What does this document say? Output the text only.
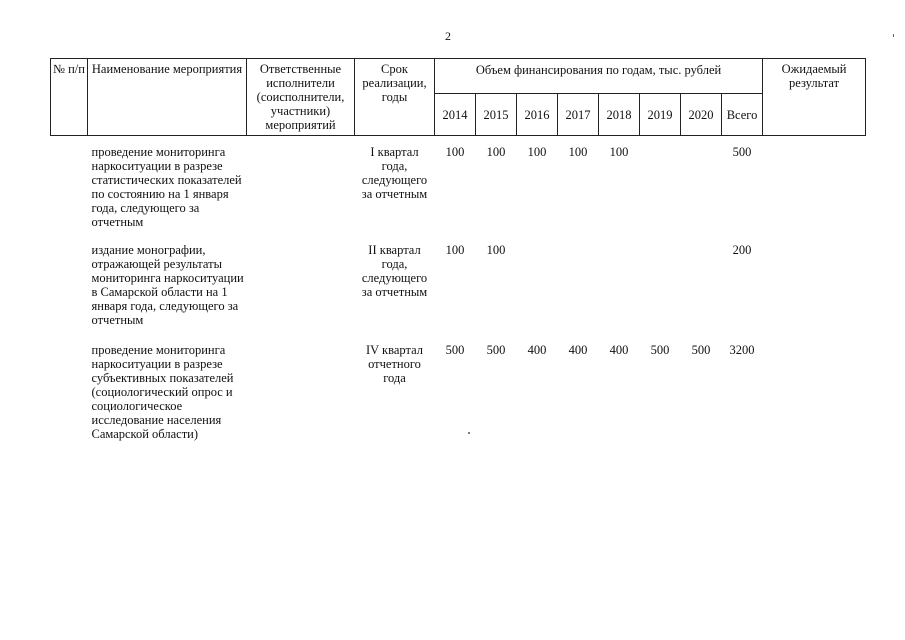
2
№ п/п	Наименование мероприятия	Ответственные исполнители (соисполнители, участники) мероприятий	Срок реализации, годы	Объем финансирования по годам, тыс. рублей								Ожидаемый результат
				2014	2015	2016	2017	2018	2019	2020	Всего	
	проведение мониторинга наркоситуации в разрезе статистических показателей по состоянию на 1 января года, следующего за отчетным		I квартал года, следующего за отчетным	100	100	100	100	100			500	
	издание монографии, отражающей результаты мониторинга наркоситуации в Самарской области на 1 января года, следующего за отчетным		II квартал года, следующего за отчетным	100	100						200	
	проведение мониторинга наркоситуации в разрезе субъективных показателей (социологический опрос и социологическое исследование населения Самарской области)		IV квартал отчетного года	500	500	400	400	400	500	500	3200	
